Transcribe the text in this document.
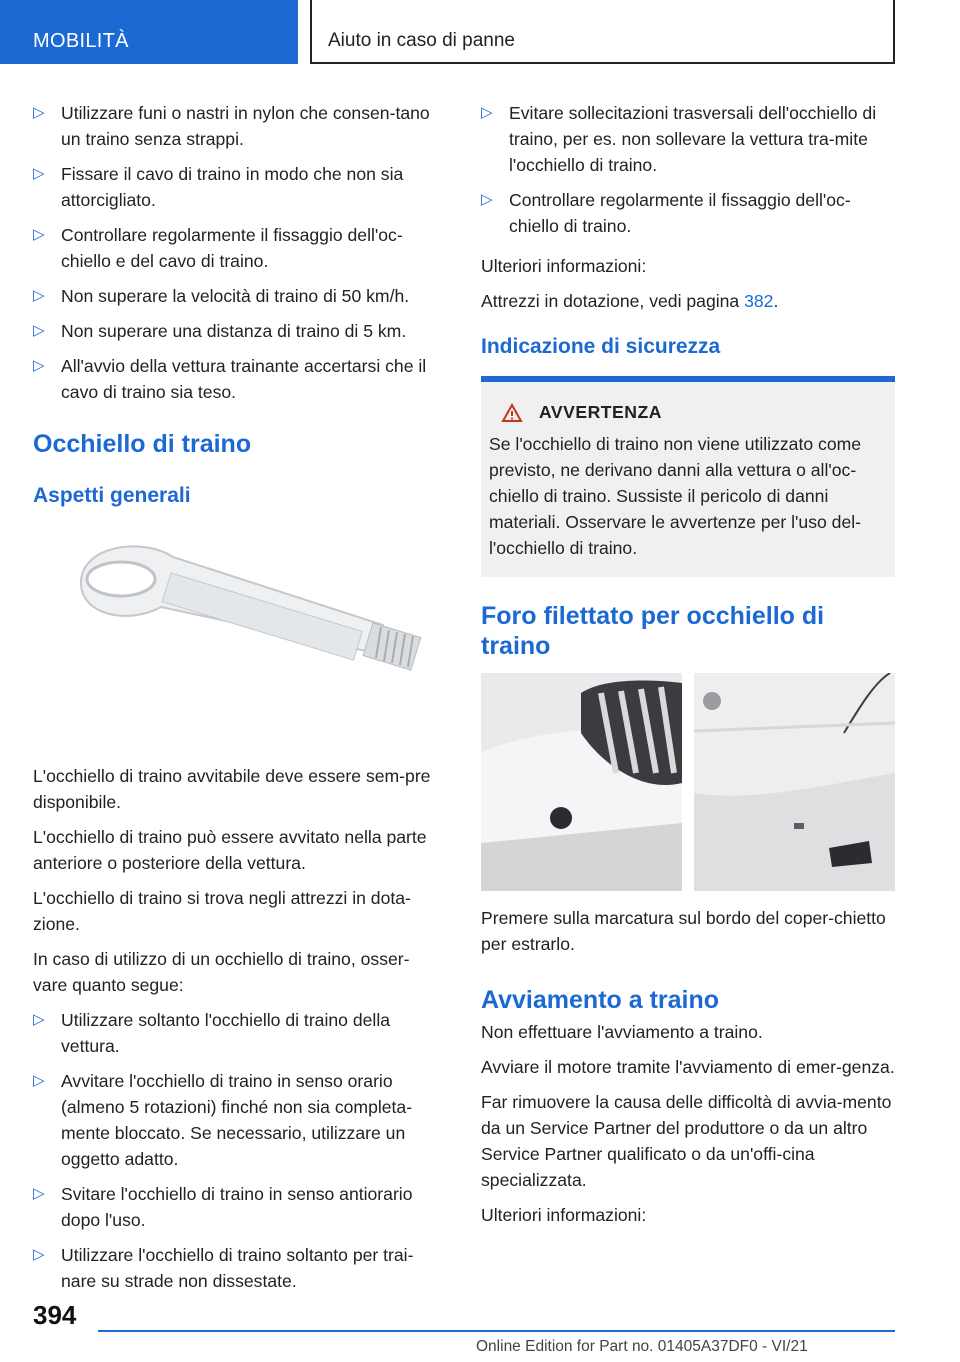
MOBILITÀ	Aiuto in caso di panne
▷ Utilizzare funi o nastri in nylon che consen-tano un traino senza strappi.
▷ Fissare il cavo di traino in modo che non sia attorcigliato.
▷ Controllare regolarmente il fissaggio dell'oc-chiello e del cavo di traino.
▷ Non superare la velocità di traino di 50 km/h.
▷ Non superare una distanza di traino di 5 km.
▷ All'avvio della vettura trainante accertarsi che il cavo di traino sia teso.
Occhiello di traino
Aspetti generali

L'occhiello di traino avvitabile deve essere sem-pre disponibile.

L'occhiello di traino può essere avvitato nella parte anteriore o posteriore della vettura.

L'occhiello di traino si trova negli attrezzi in dota-zione.

In caso di utilizzo di un occhiello di traino, osser-vare quanto segue:

▷ Utilizzare soltanto l'occhiello di traino della vettura.
▷ Avvitare l'occhiello di traino in senso orario (almeno 5 rotazioni) finché non sia completa-mente bloccato. Se necessario, utilizzare un oggetto adatto.
▷ Svitare l'occhiello di traino in senso antiorario dopo l'uso.
▷ Utilizzare l'occhiello di traino soltanto per trai-nare su strade non dissestate.
▷ Evitare sollecitazioni trasversali dell'occhiello di traino, per es. non sollevare la vettura tra-mite l'occhiello di traino.
▷ Controllare regolarmente il fissaggio dell'oc-chiello di traino.

Ulteriori informazioni:

Attrezzi in dotazione, vedi pagina 382.

Indicazione di sicurezza
AVVERTENZA

Se l'occhiello di traino non viene utilizzato come previsto, ne derivano danni alla vettura o all'oc-chiello di traino. Sussiste il pericolo di danni materiali. Osservare le avvertenze per l'uso del-l'occhiello di traino.

Foro filettato per occhiello di traino

Premere sulla marcatura sul bordo del coper-chietto per estrarlo.

Avviamento a traino

Non effettuare l'avviamento a traino.

Avviare il motore tramite l'avviamento di emer-genza.

Far rimuovere la causa delle difficoltà di avvia-mento da un Service Partner del produttore o da un altro Service Partner qualificato o da un'offi-cina specializzata.

Ulteriori informazioni:

394
Online Edition for Part no. 01405A37DF0 - VI/21
